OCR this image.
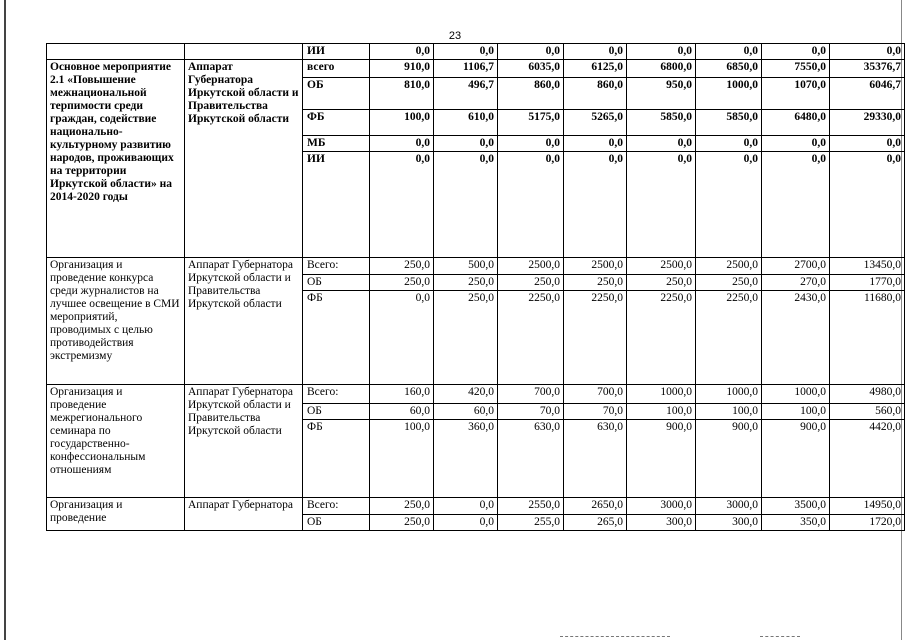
23
		ИИ	0,0	0,0	0,0	0,0	0,0	0,0	0,0	0,0
Основное мероприятие 2.1 «Повышение межнациональной терпимости среди граждан, содействие национально-культурному развитию народов, проживающих на территории Иркутской области» на 2014-2020 годы	Аппарат Губернатора Иркутской области и Правительства Иркутской области	всего	910,0	1106,7	6035,0	6125,0	6800,0	6850,0	7550,0	35376,7
		ОБ	810,0	496,7	860,0	860,0	950,0	1000,0	1070,0	6046,7
		ФБ	100,0	610,0	5175,0	5265,0	5850,0	5850,0	6480,0	29330,0
		МБ	0,0	0,0	0,0	0,0	0,0	0,0	0,0	0,0
		ИИ	0,0	0,0	0,0	0,0	0,0	0,0	0,0	0,0
Организация и проведение конкурса среди журналистов на лучшее освещение в СМИ мероприятий, проводимых с целью противодействия экстремизму	Аппарат Губернатора Иркутской области и Правительства Иркутской области	Всего:	250,0	500,0	2500,0	2500,0	2500,0	2500,0	2700,0	13450,0
		ОБ	250,0	250,0	250,0	250,0	250,0	250,0	270,0	1770,0
		ФБ	0,0	250,0	2250,0	2250,0	2250,0	2250,0	2430,0	11680,0
Организация и проведение межрегионального семинара по государственно-конфессиональным отношениям	Аппарат Губернатора Иркутской области и Правительства Иркутской области	Всего:	160,0	420,0	700,0	700,0	1000,0	1000,0	1000,0	4980,0
		ОБ	60,0	60,0	70,0	70,0	100,0	100,0	100,0	560,0
		ФБ	100,0	360,0	630,0	630,0	900,0	900,0	900,0	4420,0
Организация и проведение	Аппарат Губернатора	Всего:	250,0	0,0	2550,0	2650,0	3000,0	3000,0	3500,0	14950,0
		ОБ	250,0	0,0	255,0	265,0	300,0	300,0	350,0	1720,0
